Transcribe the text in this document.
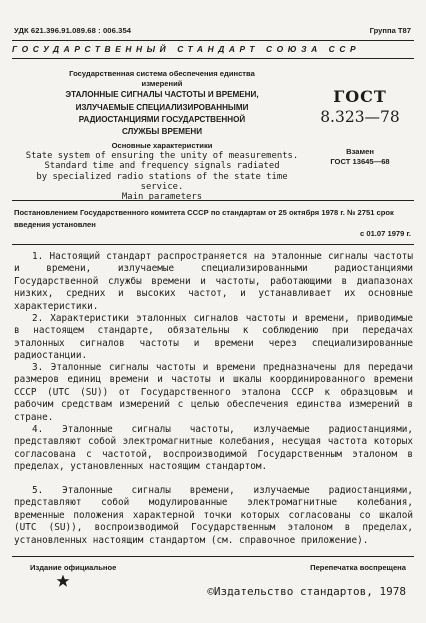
УДК 621.396.91.089.68 : 006.354	Группа Т87
ГОСУДАРСТВЕННЫЙ СТАНДАРТ СОЮЗА ССР
Государственная система обеспечения единства
измерений
ЭТАЛОННЫЕ СИГНАЛЫ ЧАСТОТЫ И ВРЕМЕНИ,
ИЗЛУЧАЕМЫЕ СПЕЦИАЛИЗИРОВАННЫМИ
РАДИОСТАНЦИЯМИ ГОСУДАРСТВЕННОЙ
СЛУЖБЫ ВРЕМЕНИ
Основные характеристики
ГОСТ
8.323—78
Взамен
ГОСТ 13645—68
State system of ensuring the unity of measurements.
Standard time and frequency signals radiated
by specialized radio stations of the state time service.
Main parameters
Постановлением Государственного комитета СССР по стандартам от 25 октября 1978 г. № 2751 срок введения установлен
с 01.07 1979 г.

1. Настоящий стандарт распространяется на эталонные сигналы частоты и времени, излучаемые специализированными радиостанциями Государственной службы времени и частоты, работающими в диапазонах низких, средних и высоких частот, и устанавливает их основные характеристики.

2. Характеристики эталонных сигналов частоты и времени, приводимые в настоящем стандарте, обязательны к соблюдению при передачах эталонных сигналов частоты и времени через специализированные радиостанции.

3. Эталонные сигналы частоты и времени предназначены для передачи размеров единиц времени и частоты и шкалы координированного времени СССР (UTC (SU)) от Государственного эталона СССР к образцовым и рабочим средствам измерений с целью обеспечения единства измерений в стране.

4. Эталонные сигналы частоты, излучаемые радиостанциями, представляют собой электромагнитные колебания, несущая частота которых согласована с частотой, воспроизводимой Государственным эталоном в пределах, установленных настоящим стандартом.

5. Эталонные сигналы времени, излучаемые радиостанциями, представляют собой модулированные электромагнитные колебания, временные положения характерной точки которых согласованы со шкалой (UTC (SU)), воспроизводимой Государственным эталоном в пределах, установленных настоящим стандартом (см. справочное приложение).

Издание официальное	Перепечатка воспрещена
©Издательство стандартов, 1978
